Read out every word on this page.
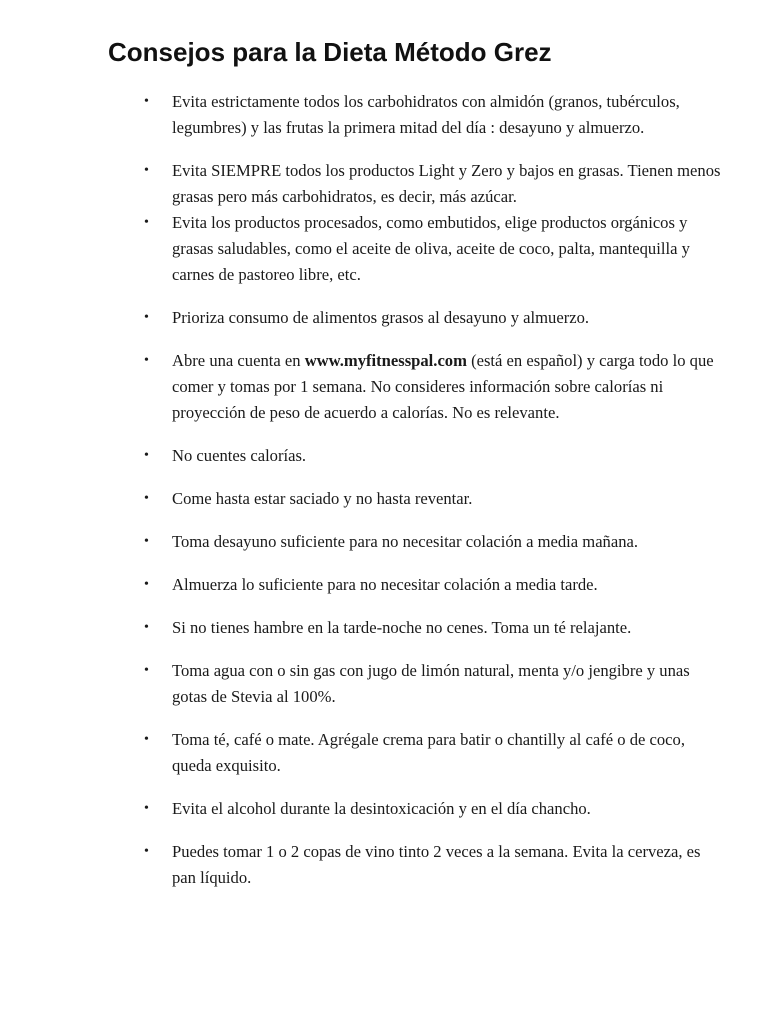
Consejos para la Dieta Método Grez
•	Evita estrictamente todos los carbohidratos con almidón (granos, tubérculos, legumbres) y las frutas la primera mitad del día : desayuno y almuerzo.
•	Evita SIEMPRE todos los productos Light y Zero y bajos en grasas. Tienen menos grasas pero más carbohidratos, es decir, más azúcar.
•	Evita los productos procesados, como embutidos, elige productos orgánicos y grasas saludables, como el aceite de oliva, aceite de coco, palta, mantequilla y carnes de pastoreo libre, etc.
•	Prioriza consumo de alimentos grasos al desayuno y almuerzo.
•	Abre una cuenta en www.myfitnesspal.com (está en español) y carga todo lo que comer y tomas por 1 semana. No consideres información sobre calorías ni proyección de peso de acuerdo a calorías. No es relevante.
•	No cuentes calorías.
•	Come hasta estar saciado y no hasta reventar.
•	Toma desayuno suficiente para no necesitar colación a media mañana.
•	Almuerza lo suficiente para no necesitar colación a media tarde.
•	Si no tienes hambre en la tarde-noche no cenes. Toma un té relajante.
•	Toma agua con o sin gas con jugo de limón natural, menta y/o jengibre y unas gotas de Stevia al 100%.
•	Toma té, café o mate. Agrégale crema para batir o chantilly al café o de coco, queda exquisito.
•	Evita el alcohol durante la desintoxicación y en el día chancho.
•	Puedes tomar 1 o 2 copas de vino tinto 2 veces a la semana. Evita la cerveza, es pan líquido.
